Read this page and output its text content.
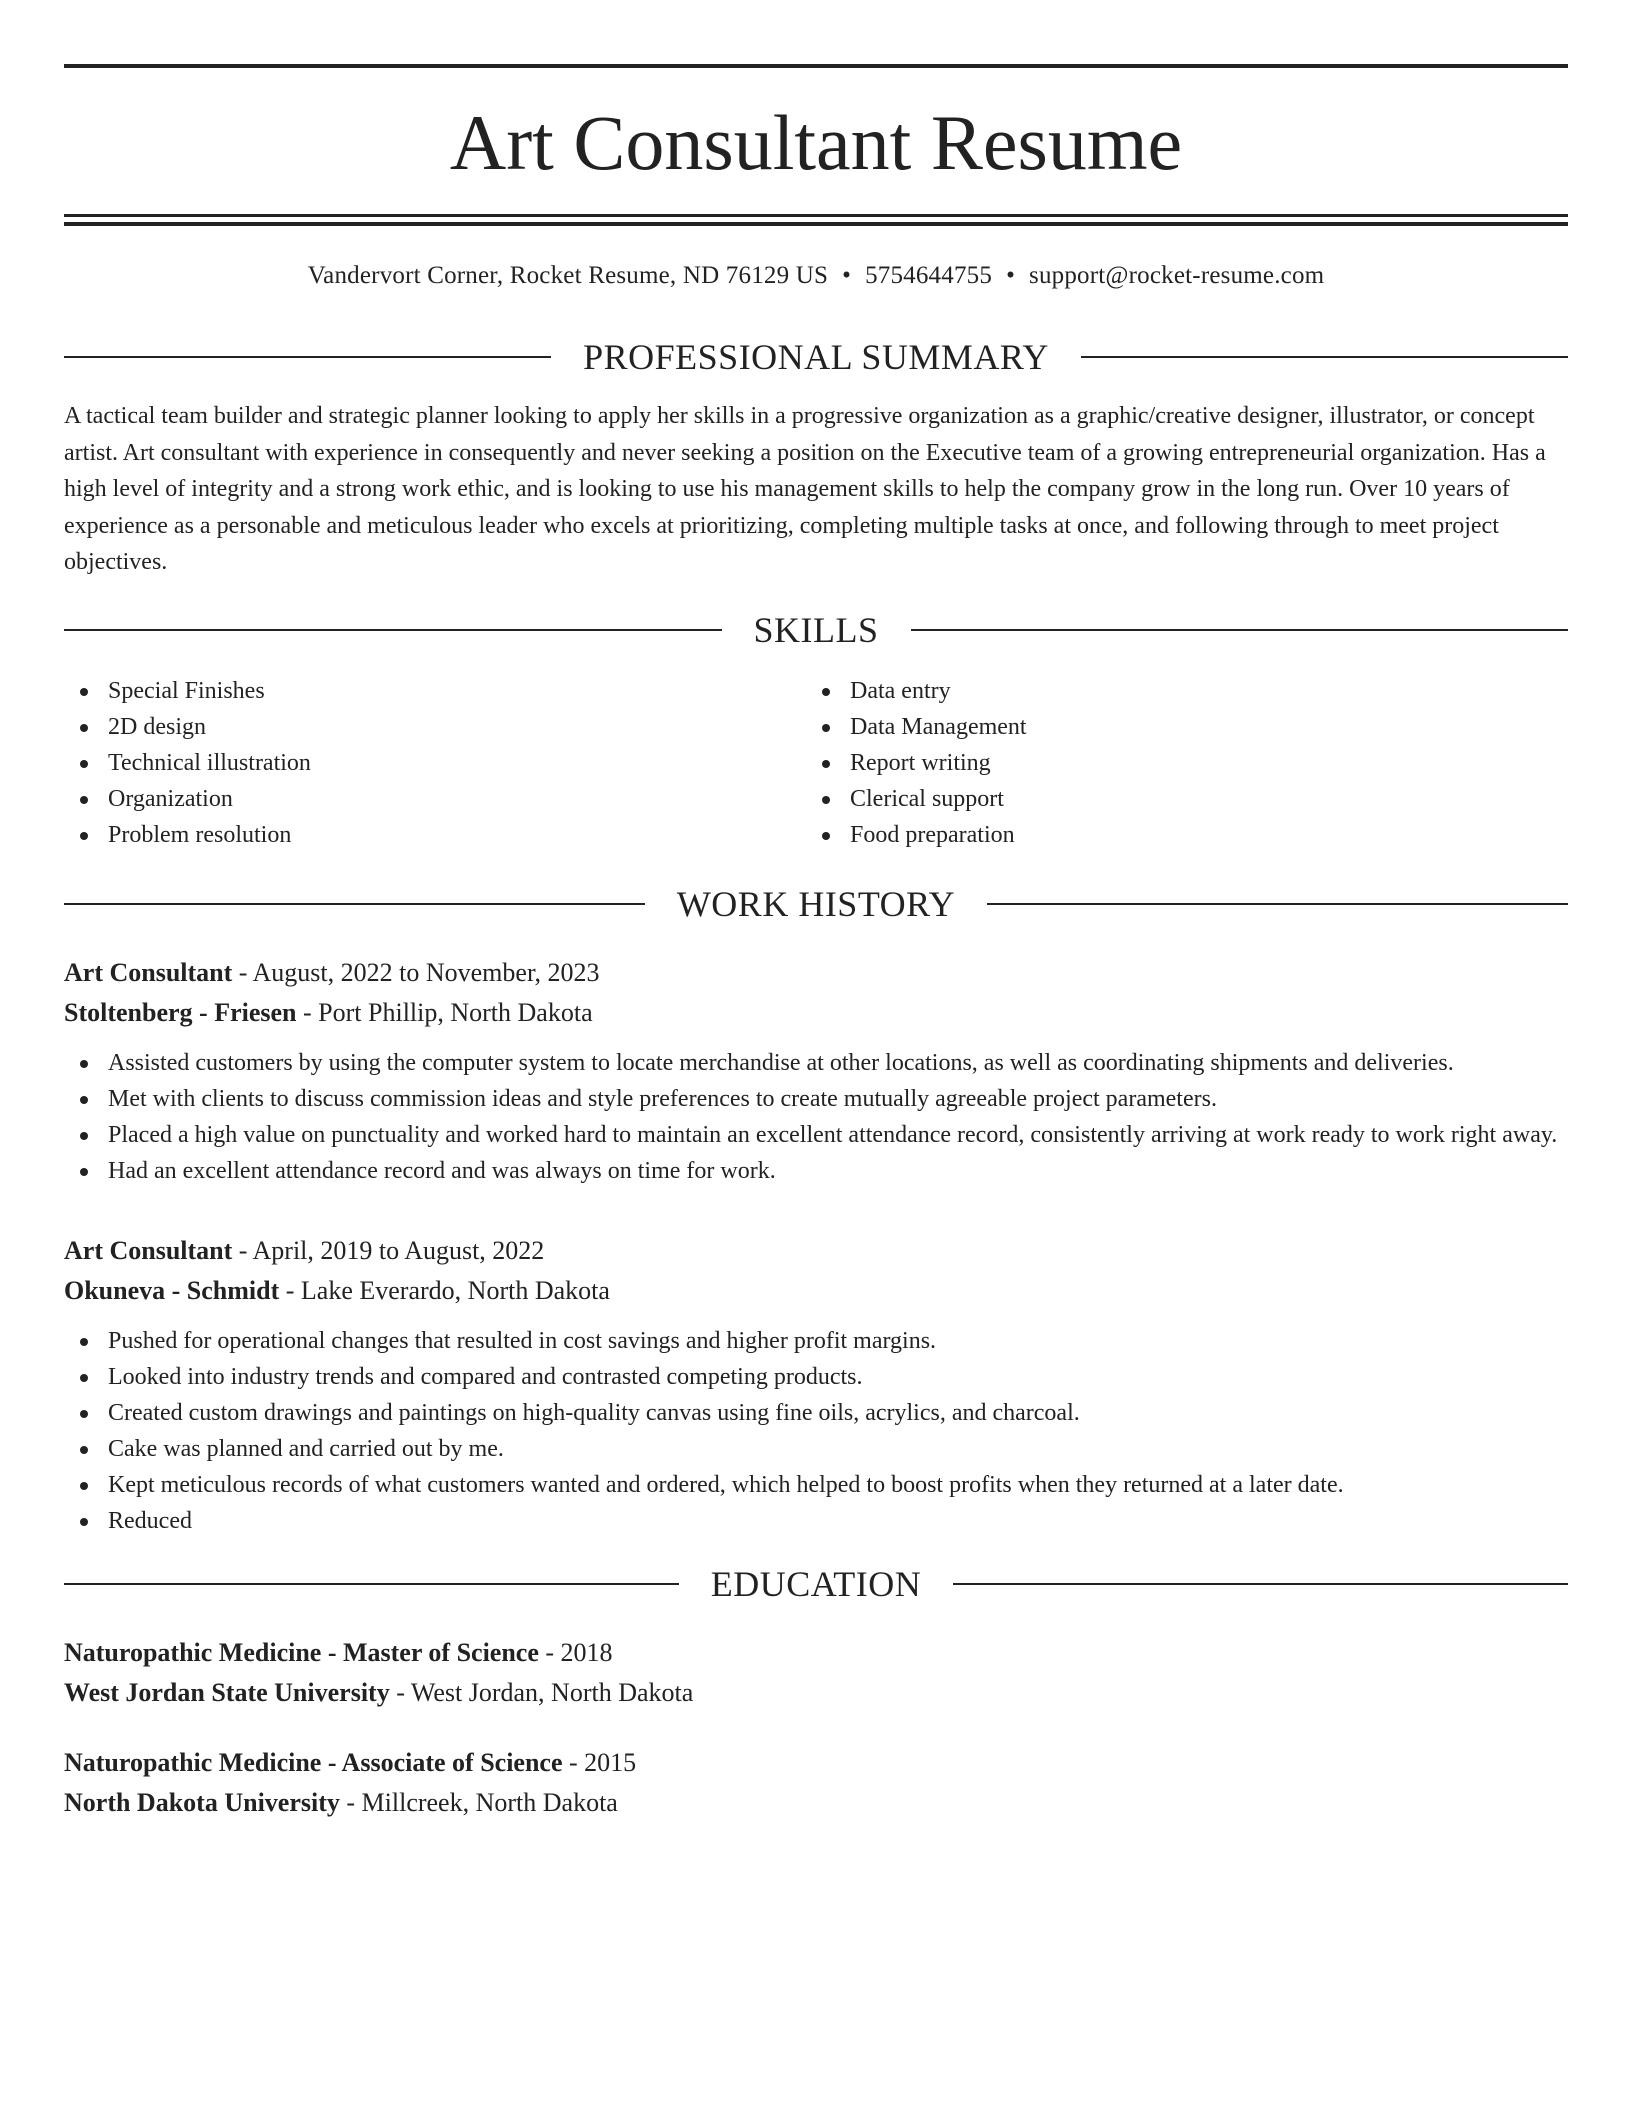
Art Consultant Resume
Vandervort Corner, Rocket Resume, ND 76129 US • 5754644755 • support@rocket-resume.com
PROFESSIONAL SUMMARY

A tactical team builder and strategic planner looking to apply her skills in a progressive organization as a graphic/creative designer, illustrator, or concept artist. Art consultant with experience in consequently and never seeking a position on the Executive team of a growing entrepreneurial organization. Has a high level of integrity and a strong work ethic, and is looking to use his management skills to help the company grow in the long run. Over 10 years of experience as a personable and meticulous leader who excels at prioritizing, completing multiple tasks at once, and following through to meet project objectives.

SKILLS
Special Finishes
2D design
Technical illustration
Organization
Problem resolution
Data entry
Data Management
Report writing
Clerical support
Food preparation
WORK HISTORY
Art Consultant - August, 2022 to November, 2023
Stoltenberg - Friesen - Port Phillip, North Dakota
Assisted customers by using the computer system to locate merchandise at other locations, as well as coordinating shipments and deliveries.
Met with clients to discuss commission ideas and style preferences to create mutually agreeable project parameters.
Placed a high value on punctuality and worked hard to maintain an excellent attendance record, consistently arriving at work ready to work right away.
Had an excellent attendance record and was always on time for work.
Art Consultant - April, 2019 to August, 2022
Okuneva - Schmidt - Lake Everardo, North Dakota
Pushed for operational changes that resulted in cost savings and higher profit margins.
Looked into industry trends and compared and contrasted competing products.
Created custom drawings and paintings on high-quality canvas using fine oils, acrylics, and charcoal.
Cake was planned and carried out by me.
Kept meticulous records of what customers wanted and ordered, which helped to boost profits when they returned at a later date.
Reduced
EDUCATION
Naturopathic Medicine - Master of Science - 2018
West Jordan State University - West Jordan, North Dakota
Naturopathic Medicine - Associate of Science - 2015
North Dakota University - Millcreek, North Dakota
